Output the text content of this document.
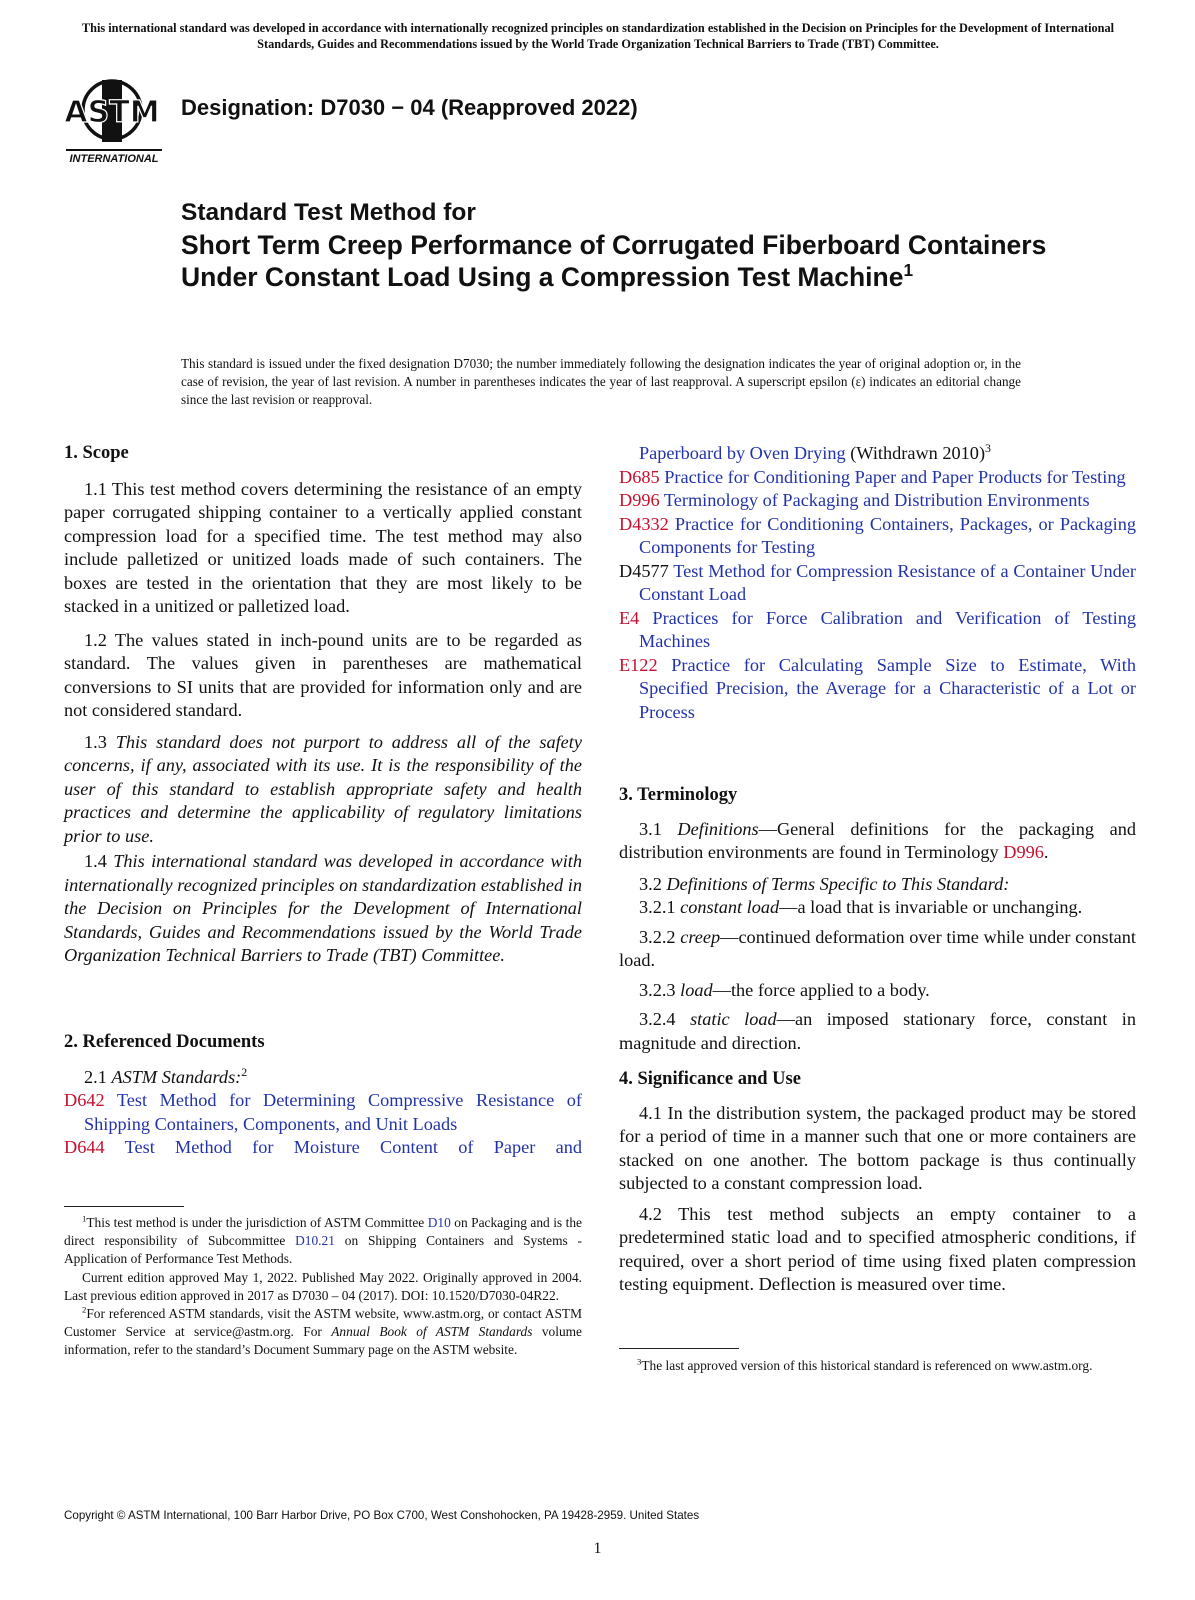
This international standard was developed in accordance with internationally recognized principles on standardization established in the Decision on Principles for the Development of International Standards, Guides and Recommendations issued by the World Trade Organization Technical Barriers to Trade (TBT) Committee.
ASTM
INTERNATIONAL
Designation: D7030 − 04 (Reapproved 2022)
Standard Test Method for
Short Term Creep Performance of Corrugated Fiberboard Containers Under Constant Load Using a Compression Test Machine$^1$
This standard is issued under the fixed designation D7030; the number immediately following the designation indicates the year of original adoption or, in the case of revision, the year of last revision. A number in parentheses indicates the year of last reapproval. A superscript epsilon (ε) indicates an editorial change since the last revision or reapproval.
1. Scope

1.1 This test method covers determining the resistance of an empty paper corrugated shipping container to a vertically applied constant compression load for a specified time. The test method may also include palletized or unitized loads made of such containers. The boxes are tested in the orientation that they are most likely to be stacked in a unitized or palletized load.

1.2 The values stated in inch-pound units are to be regarded as standard. The values given in parentheses are mathematical conversions to SI units that are provided for information only and are not considered standard.

1.3 This standard does not purport to address all of the safety concerns, if any, associated with its use. It is the responsibility of the user of this standard to establish appropriate safety and health practices and determine the applicability of regulatory limitations prior to use.

1.4 This international standard was developed in accordance with internationally recognized principles on standardization established in the Decision on Principles for the Development of International Standards, Guides and Recommendations issued by the World Trade Organization Technical Barriers to Trade (TBT) Committee.

2. Referenced Documents

2.1 ASTM Standards:$^2$

D642 Test Method for Determining Compressive Resistance of Shipping Containers, Components, and Unit Loads

D644 Test Method for Moisture Content of Paper and

$^1$This test method is under the jurisdiction of ASTM Committee D10 on Packaging and is the direct responsibility of Subcommittee D10.21 on Shipping Containers and Systems - Application of Performance Test Methods.

Current edition approved May 1, 2022. Published May 2022. Originally approved in 2004. Last previous edition approved in 2017 as D7030 – 04 (2017). DOI: 10.1520/D7030-04R22.

$^2$For referenced ASTM standards, visit the ASTM website, www.astm.org, or contact ASTM Customer Service at service@astm.org. For Annual Book of ASTM Standards volume information, refer to the standard’s Document Summary page on the ASTM website.

Paperboard by Oven Drying (Withdrawn 2010)$^3$

D685 Practice for Conditioning Paper and Paper Products for Testing

D996 Terminology of Packaging and Distribution Environments

D4332 Practice for Conditioning Containers, Packages, or Packaging Components for Testing

D4577 Test Method for Compression Resistance of a Container Under Constant Load

E4 Practices for Force Calibration and Verification of Testing Machines

E122 Practice for Calculating Sample Size to Estimate, With Specified Precision, the Average for a Characteristic of a Lot or Process

3. Terminology

3.1 Definitions—General definitions for the packaging and distribution environments are found in Terminology D996.

3.2 Definitions of Terms Specific to This Standard:

3.2.1 constant load—a load that is invariable or unchanging.

3.2.2 creep—continued deformation over time while under constant load.

3.2.3 load—the force applied to a body.

3.2.4 static load—an imposed stationary force, constant in magnitude and direction.

4. Significance and Use

4.1 In the distribution system, the packaged product may be stored for a period of time in a manner such that one or more containers are stacked on one another. The bottom package is thus continually subjected to a constant compression load.

4.2 This test method subjects an empty container to a predetermined static load and to specified atmospheric conditions, if required, over a short period of time using fixed platen compression testing equipment. Deflection is measured over time.

$^3$The last approved version of this historical standard is referenced on www.astm.org.

Copyright © ASTM International, 100 Barr Harbor Drive, PO Box C700, West Conshohocken, PA 19428-2959. United States
1
